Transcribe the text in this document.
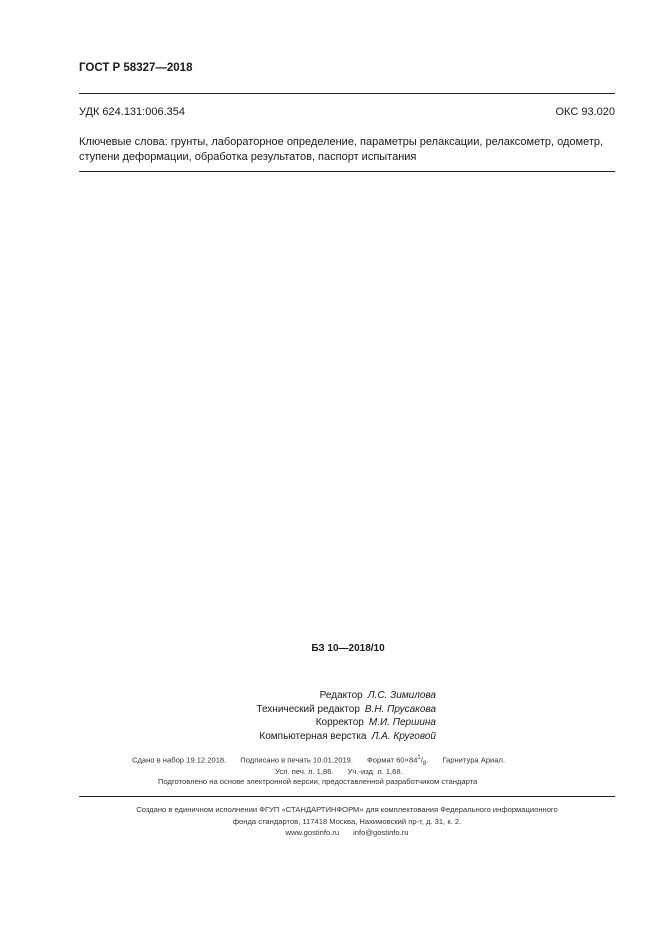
ГОСТ Р 58327—2018
УДК 624.131:006.354	ОКС 93.020
Ключевые слова: грунты, лабораторное определение, параметры релаксации, релаксометр, одометр, ступени деформации, обработка результатов, паспорт испытания
БЗ 10—2018/10
Редактор Л.С. Зимилова
Технический редактор В.Н. Прусакова
Корректор М.И. Першина
Компьютерная верстка Л.А. Круговой
Сдано в набор 19.12.2018. Подписано в печать 10.01.2019. Формат $60\times 84^1/_8$. Гарнитура Ариал.
Усл. печ. л. 1,86. Уч.-изд. л. 1,68.
Подготовлено на основе электронной версии, предоставленной разработчиком стандарта
Создано в единичном исполнении ФГУП «СТАНДАРТИНФОРМ» для комплектования Федерального информационного
фонда стандартов, 117418 Москва, Нахимовский пр-т, д. 31, к. 2.
www.gostinfo.ru info@gostinfo.ru
